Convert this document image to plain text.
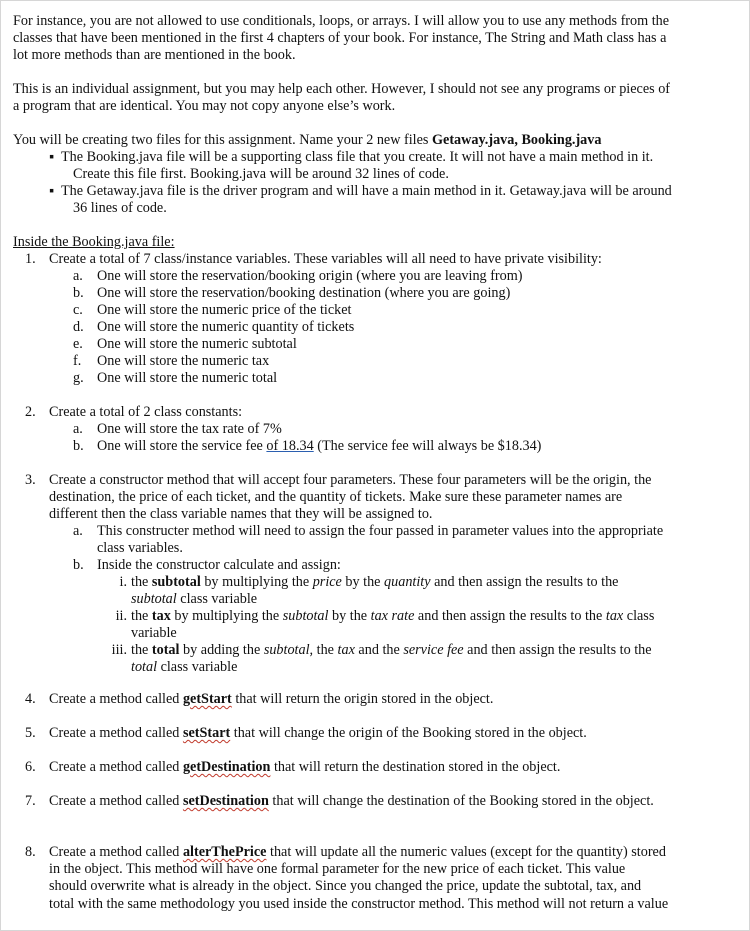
For instance, you are not allowed to use conditionals, loops, or arrays. I will allow you to use any methods from the
classes that have been mentioned in the first 4 chapters of your book. For instance, The String and Math class has a
lot more methods than are mentioned in the book.
This is an individual assignment, but you may help each other. However, I should not see any programs or pieces of
a program that are identical. You may not copy anyone else’s work.
You will be creating two files for this assignment. Name your 2 new files Getaway.java, Booking.java
▪ The Booking.java file will be a supporting class file that you create. It will not have a main method in it.
Create this file first. Booking.java will be around 32 lines of code.
▪ The Getaway.java file is the driver program and will have a main method in it. Getaway.java will be around
36 lines of code.
Inside the Booking.java file:
1. Create a total of 7 class/instance variables. These variables will all need to have private visibility:
a. One will store the reservation/booking origin (where you are leaving from)
b. One will store the reservation/booking destination (where you are going)
c. One will store the numeric price of the ticket
d. One will store the numeric quantity of tickets
e. One will store the numeric subtotal
f. One will store the numeric tax
g. One will store the numeric total
2. Create a total of 2 class constants:
a. One will store the tax rate of 7%
b. One will store the service fee of 18.34 (The service fee will always be $18.34)
3. Create a constructor method that will accept four parameters. These four parameters will be the origin, the
destination, the price of each ticket, and the quantity of tickets. Make sure these parameter names are
different then the class variable names that they will be assigned to.
a. This constructer method will need to assign the four passed in parameter values into the appropriate
class variables.
b. Inside the constructor calculate and assign:
i. the subtotal by multiplying the price by the quantity and then assign the results to the
subtotal class variable
ii. the tax by multiplying the subtotal by the tax rate and then assign the results to the tax class
variable
iii. the total by adding the subtotal, the tax and the service fee and then assign the results to the
total class variable
4. Create a method called getStart that will return the origin stored in the object.
5. Create a method called setStart that will change the origin of the Booking stored in the object.
6. Create a method called getDestination that will return the destination stored in the object.
7. Create a method called setDestination that will change the destination of the Booking stored in the object.
8. Create a method called alterThePrice that will update all the numeric values (except for the quantity) stored
in the object. This method will have one formal parameter for the new price of each ticket. This value
should overwrite what is already in the object. Since you changed the price, update the subtotal, tax, and
total with the same methodology you used inside the constructor method. This method will not return a value
